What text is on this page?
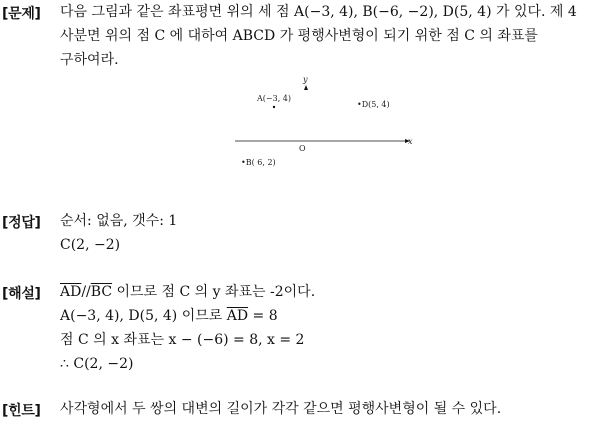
[문제] 다음 그림과 같은 좌표평면 위의 세 점 A(−3, 4), B(−6, −2), D(5, 4) 가 있다. 제 4
사분면 위의 점 C 에 대하여 ABCD 가 평행사변형이 되기 위한 점 C 의 좌표를
구하여라.
x
y
O
A(−3, 4)
•D(5, 4)
•B( 6, 2)
[정답] 순서: 없음, 갯수: 1
C(2, −2)
[해설] $\overline{AD}//\overline{BC}$ 이므로 점 C 의 y 좌표는 -2이다.
A(−3, 4), D(5, 4) 이므로 $\overline{AD} = 8$
점 C 의 x 좌표는 x − (−6) = 8, x = 2
∴ C(2, −2)
[힌트] 사각형에서 두 쌍의 대변의 길이가 각각 같으면 평행사변형이 될 수 있다.
